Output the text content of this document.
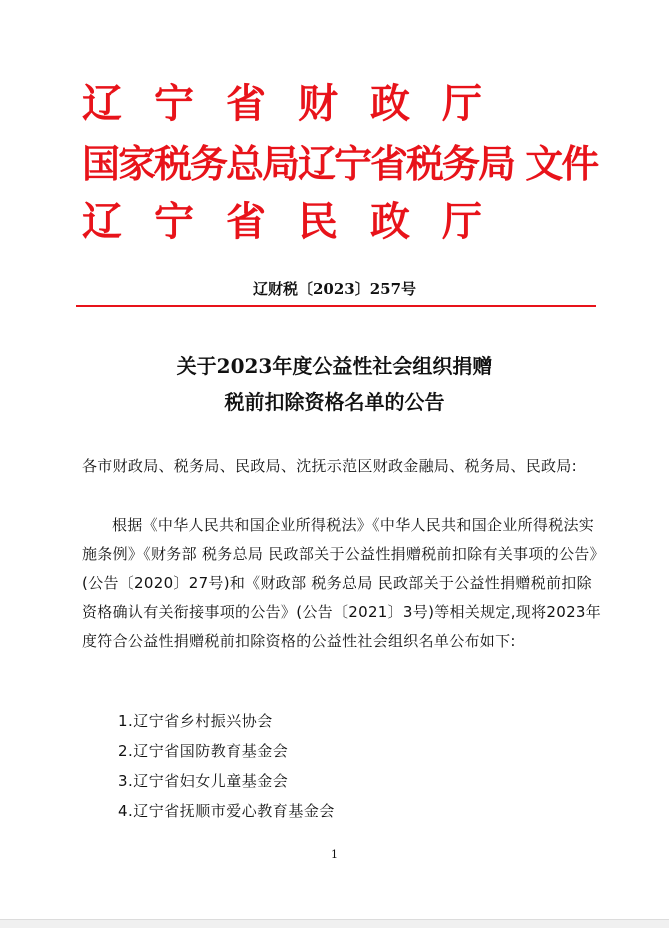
辽宁省财政厅
国家税务总局辽宁省税务局 文件
辽宁省民政厅
辽财税〔2023〕257号
关于2023年度公益性社会组织捐赠
税前扣除资格名单的公告
各市财政局、税务局、民政局、沈抚示范区财政金融局、税务局、民政局:
根据《中华人民共和国企业所得税法》《中华人民共和国企业所得税法实施条例》《财务部 税务总局 民政部关于公益性捐赠税前扣除有关事项的公告》(公告〔2020〕27号)和《财政部 税务总局 民政部关于公益性捐赠税前扣除资格确认有关衔接事项的公告》(公告〔2021〕3号)等相关规定,现将2023年度符合公益性捐赠税前扣除资格的公益性社会组织名单公布如下:
1.辽宁省乡村振兴协会
2.辽宁省国防教育基金会
3.辽宁省妇女儿童基金会
4.辽宁省抚顺市爱心教育基金会
1
